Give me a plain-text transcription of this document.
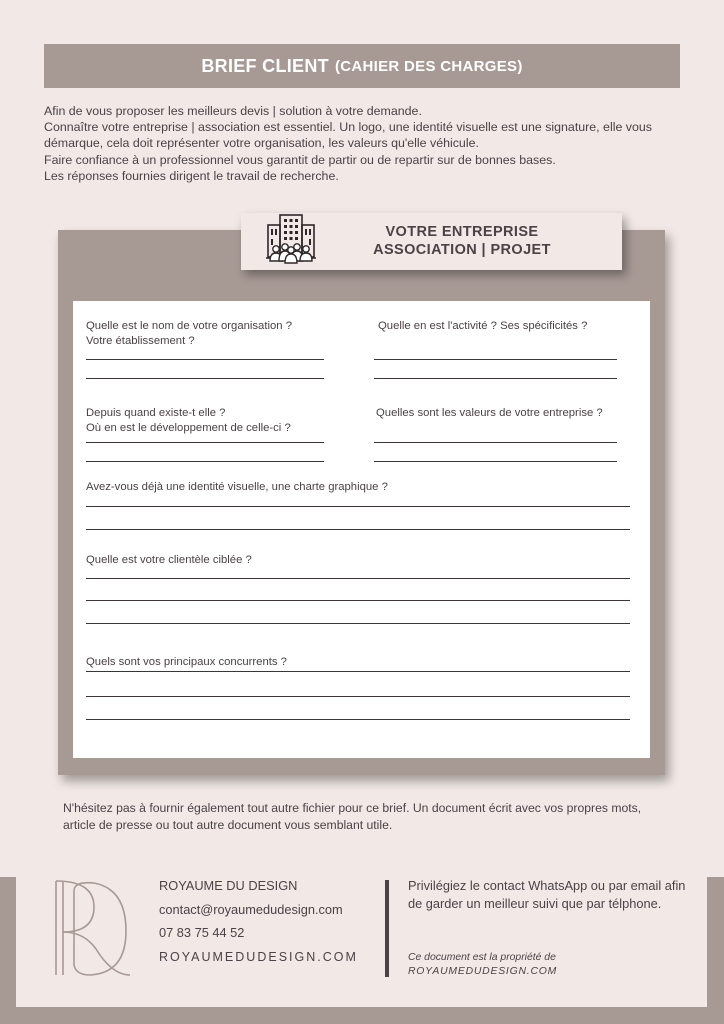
BRIEF CLIENT (CAHIER DES CHARGES)

Afin de vous proposer les meilleurs devis | solution à votre demande.

Connaître votre entreprise | association est essentiel. Un logo, une identité visuelle est une signature, elle vous démarque, cela doit représenter votre organisation, les valeurs qu'elle véhicule.

Faire confiance à un professionnel vous garantit de partir ou de repartir sur de bonnes bases.

Les réponses fournies dirigent le travail de recherche.

VOTRE ENTREPRISE
ASSOCIATION | PROJET
Quelle est le nom de votre organisation ?
Votre établissement ?
Quelle en est l'activité ? Ses spécificités ?
Depuis quand existe-t elle ?
Où en est le développement de celle-ci ?
Quelles sont les valeurs de votre entreprise ?
Avez-vous déjà une identité visuelle, une charte graphique ?
Quelle est votre clientèle ciblée ?
Quels sont vos principaux concurrents ?
N'hésitez pas à fournir également tout autre fichier pour ce brief. Un document écrit avec vos propres mots, article de presse ou tout autre document vous semblant utile.
ROYAUME DU DESIGN
contact@royaumedudesign.com
07 83 75 44 52
ROYAUMEDUDESIGN.COM
Privilégiez le contact WhatsApp ou par email afin de garder un meilleur suivi que par télphone.
Ce document est la propriété de
ROYAUMEDUDESIGN.COM
